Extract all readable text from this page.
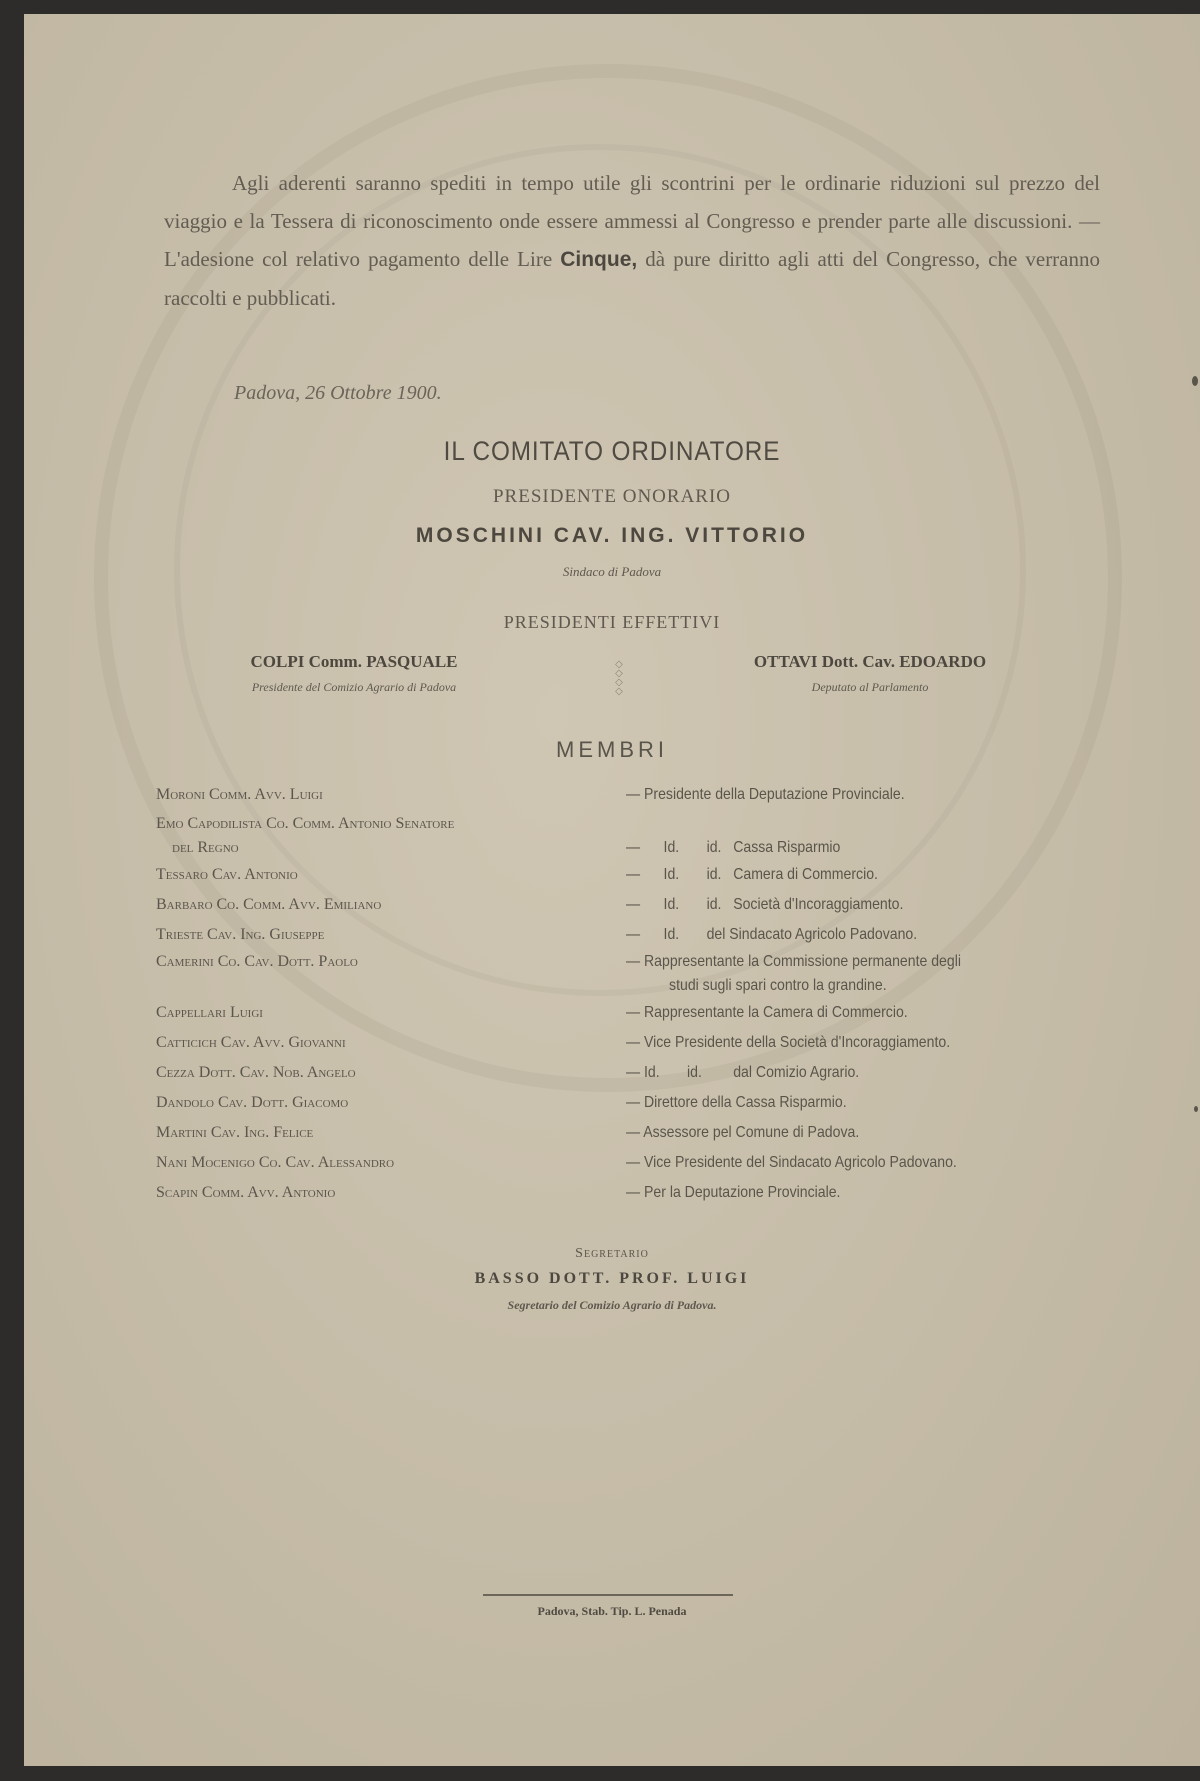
Agli aderenti saranno spediti in tempo utile gli scontrini per le ordinarie riduzioni sul prezzo del viaggio e la Tessera di riconoscimento onde essere ammessi al Congresso e prender parte alle discussioni. — L'adesione col relativo pagamento delle Lire Cinque, dà pure diritto agli atti del Congresso, che verranno raccolti e pubblicati.
Padova, 26 Ottobre 1900.
IL COMITATO ORDINATORE
PRESIDENTE ONORARIO
MOSCHINI CAV. ING. VITTORIO
Sindaco di Padova
PRESIDENTI EFFETTIVI
COLPI Comm. PASQUALE
Presidente del Comizio Agrario di Padova
◇
◇
◇
◇
OTTAVI Dott. Cav. EDOARDO
Deputato al Parlamento
MEMBRI
Moroni Comm. Avv. Luigi	— Presidente della Deputazione Provinciale.
Emo Capodilista Co. Comm. Antonio Senatore
del Regno	
—      Id.       id.   Cassa Risparmio
Tessaro Cav. Antonio	—      Id.       id.   Camera di Commercio.
Barbaro Co. Comm. Avv. Emiliano	—      Id.       id.   Società d'Incoraggiamento.
Trieste Cav. Ing. Giuseppe	—      Id.       del Sindacato Agricolo Padovano.
Camerini Co. Cav. Dott. Paolo	— Rappresentante la Commissione permanente degli
studi sugli spari contro la grandine.
Cappellari Luigi	— Rappresentante la Camera di Commercio.
Catticich Cav. Avv. Giovanni	— Vice Presidente della Società d'Incoraggiamento.
Cezza Dott. Cav. Nob. Angelo	— Id.       id.        dal Comizio Agrario.
Dandolo Cav. Dott. Giacomo	— Direttore della Cassa Risparmio.
Martini Cav. Ing. Felice	— Assessore pel Comune di Padova.
Nani Mocenigo Co. Cav. Alessandro	— Vice Presidente del Sindacato Agricolo Padovano.
Scapin Comm. Avv. Antonio	— Per la Deputazione Provinciale.
Segretario
BASSO DOTT. PROF. LUIGI
Segretario del Comizio Agrario di Padova.
Padova, Stab. Tip. L. Penada
